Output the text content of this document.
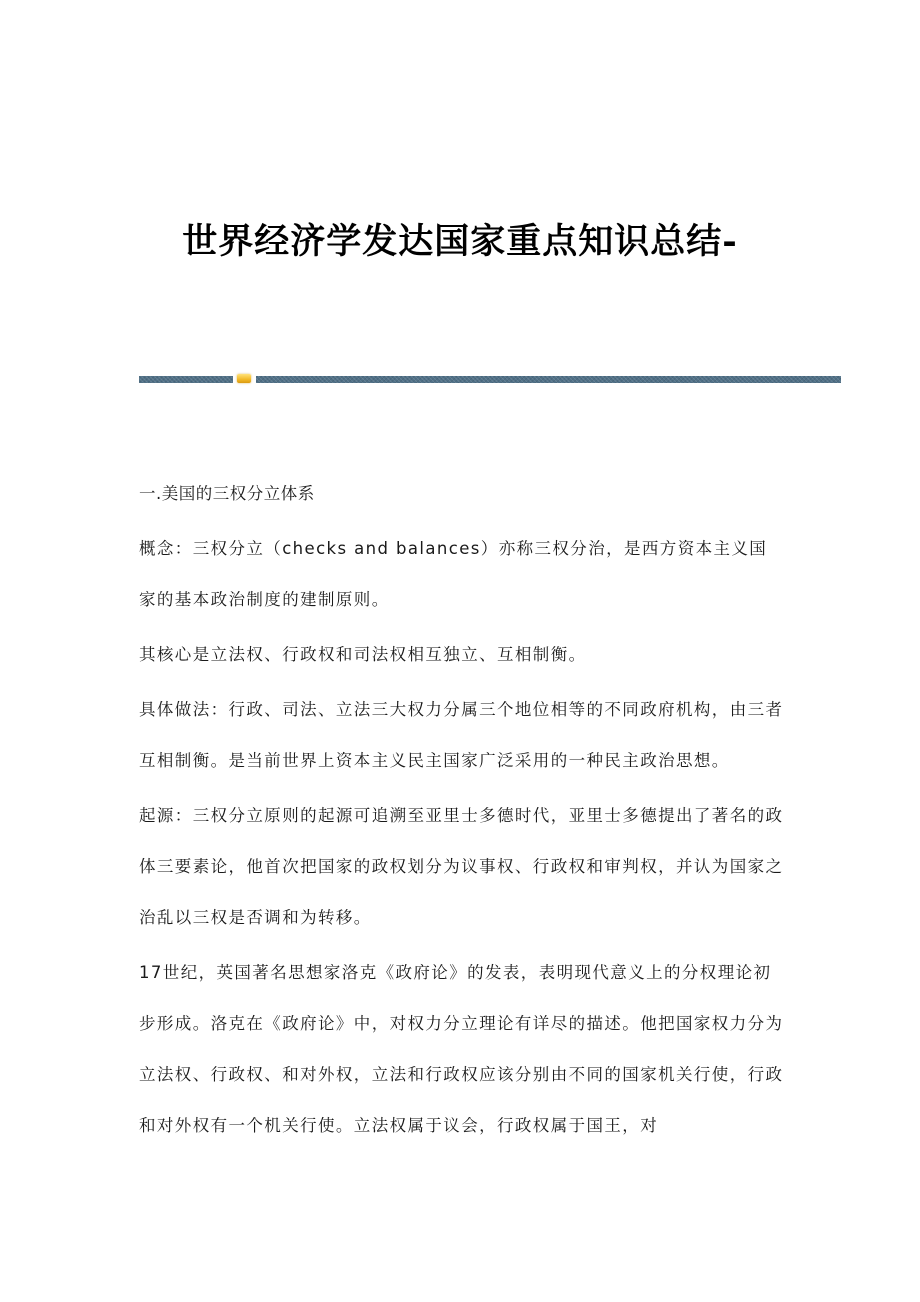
世界经济学发达国家重点知识总结-

一.美国的三权分立体系

概念：三权分立（checks and balances）亦称三权分治，是西方资本主义国家的基本政治制度的建制原则。

其核心是立法权、行政权和司法权相互独立、互相制衡。

具体做法：行政、司法、立法三大权力分属三个地位相等的不同政府机构，由三者互相制衡。是当前世界上资本主义民主国家广泛采用的一种民主政治思想。

起源：三权分立原则的起源可追溯至亚里士多德时代，亚里士多德提出了著名的政体三要素论，他首次把国家的政权划分为议事权、行政权和审判权，并认为国家之治乱以三权是否调和为转移。

17世纪，英国著名思想家洛克《政府论》的发表，表明现代意义上的分权理论初步形成。洛克在《政府论》中，对权力分立理论有详尽的描述。他把国家权力分为立法权、行政权、和对外权，立法和行政权应该分别由不同的国家机关行使，行政和对外权有一个机关行使。立法权属于议会，行政权属于国王，对
